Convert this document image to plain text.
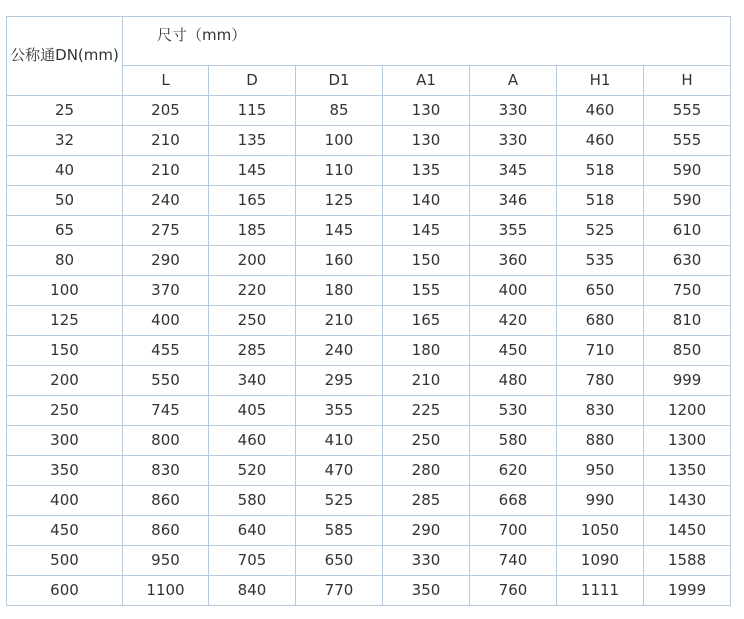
公称通DN(mm)	尺寸（mm）						
	L	D	D1	A1	A	H1	H
25	205	115	85	130	330	460	555
32	210	135	100	130	330	460	555
40	210	145	110	135	345	518	590
50	240	165	125	140	346	518	590
65	275	185	145	145	355	525	610
80	290	200	160	150	360	535	630
100	370	220	180	155	400	650	750
125	400	250	210	165	420	680	810
150	455	285	240	180	450	710	850
200	550	340	295	210	480	780	999
250	745	405	355	225	530	830	1200
300	800	460	410	250	580	880	1300
350	830	520	470	280	620	950	1350
400	860	580	525	285	668	990	1430
450	860	640	585	290	700	1050	1450
500	950	705	650	330	740	1090	1588
600	1100	840	770	350	760	1111	1999
